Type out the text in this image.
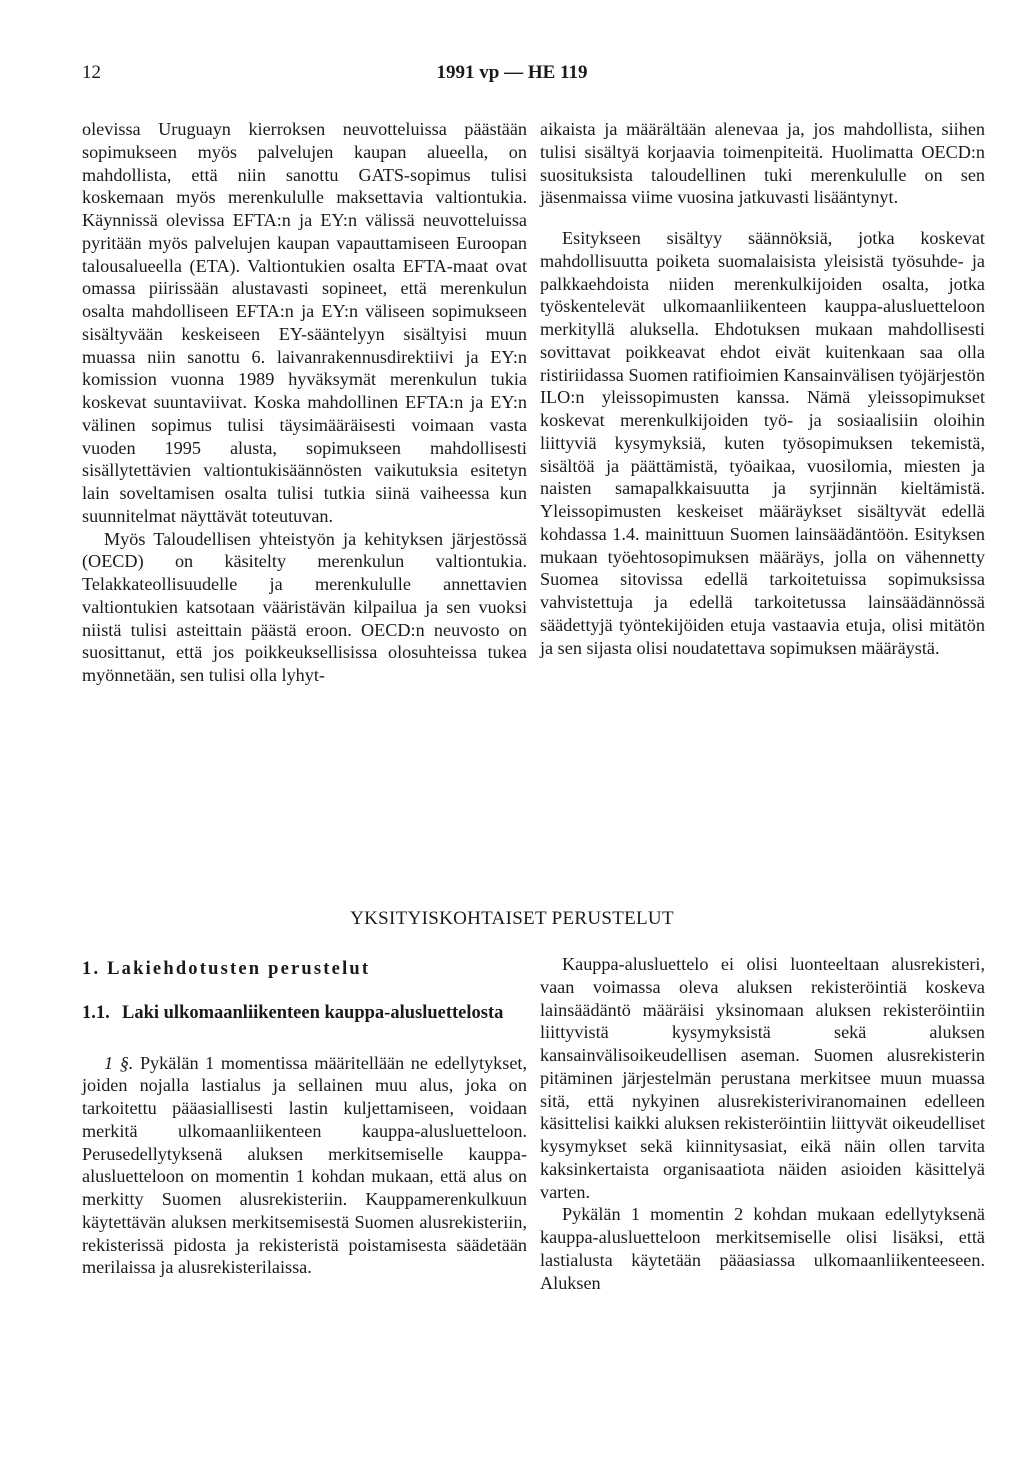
12	1991 vp — HE 119

olevissa Uruguayn kierroksen neuvotteluissa päästään sopimukseen myös palvelujen kaupan alueella, on mahdollista, että niin sanottu GATS-sopimus tulisi koskemaan myös merenkululle maksettavia valtiontukia. Käynnissä olevissa EFTA:n ja EY:n välissä neuvotteluissa pyritään myös palvelujen kaupan vapauttamiseen Euroopan talousalueella (ETA). Valtiontukien osalta EFTA-maat ovat omassa piirissään alustavasti sopineet, että merenkulun osalta mahdolliseen EFTA:n ja EY:n väliseen sopimukseen sisältyvään keskeiseen EY-sääntelyyn sisältyisi muun muassa niin sanottu 6. laivanrakennusdirektiivi ja EY:n komission vuonna 1989 hyväksymät merenkulun tukia koskevat suuntaviivat. Koska mahdollinen EFTA:n ja EY:n välinen sopimus tulisi täysimääräisesti voimaan vasta vuoden 1995 alusta, sopimukseen mahdollisesti sisällytettävien valtiontukisäännösten vaikutuksia esitetyn lain soveltamisen osalta tulisi tutkia siinä vaiheessa kun suunnitelmat näyttävät toteutuvan.

Myös Taloudellisen yhteistyön ja kehityksen järjestössä (OECD) on käsitelty merenkulun valtiontukia. Telakkateollisuudelle ja merenkululle annettavien valtiontukien katsotaan vääristävän kilpailua ja sen vuoksi niistä tulisi asteittain päästä eroon. OECD:n neuvosto on suosittanut, että jos poikkeuksellisissa olosuhteissa tukea myönnetään, sen tulisi olla lyhyt-

aikaista ja määrältään alenevaa ja, jos mahdollista, siihen tulisi sisältyä korjaavia toimenpiteitä. Huolimatta OECD:n suosituksista taloudellinen tuki merenkululle on sen jäsenmaissa viime vuosina jatkuvasti lisääntynyt.

Esitykseen sisältyy säännöksiä, jotka koskevat mahdollisuutta poiketa suomalaisista yleisistä työsuhde- ja palkkaehdoista niiden merenkulkijoiden osalta, jotka työskentelevät ulkomaanliikenteen kauppa-alusluetteloon merkityllä aluksella. Ehdotuksen mukaan mahdollisesti sovittavat poikkeavat ehdot eivät kuitenkaan saa olla ristiriidassa Suomen ratifioimien Kansainvälisen työjärjestön ILO:n yleissopimusten kanssa. Nämä yleissopimukset koskevat merenkulkijoiden työ- ja sosiaalisiin oloihin liittyviä kysymyksiä, kuten työsopimuksen tekemistä, sisältöä ja päättämistä, työaikaa, vuosilomia, miesten ja naisten samapalkkaisuutta ja syrjinnän kieltämistä. Yleissopimusten keskeiset määräykset sisältyvät edellä kohdassa 1.4. mainittuun Suomen lainsäädäntöön. Esityksen mukaan työehtosopimuksen määräys, jolla on vähennetty Suomea sitovissa edellä tarkoitetuissa sopimuksissa vahvistettuja ja edellä tarkoitetussa lainsäädännössä säädettyjä työntekijöiden etuja vastaavia etuja, olisi mitätön ja sen sijasta olisi noudatettava sopimuksen määräystä.

YKSITYISKOHTAISET PERUSTELUT
1. Lakiehdotusten perustelut
1.1. Laki ulkomaanliikenteen kauppa-alusluettelosta

1 §. Pykälän 1 momentissa määritellään ne edellytykset, joiden nojalla lastialus ja sellainen muu alus, joka on tarkoitettu pääasiallisesti lastin kuljettamiseen, voidaan merkitä ulkomaanliikenteen kauppa-alusluetteloon. Perusedellytyksenä aluksen merkitsemiselle kauppa-alusluetteloon on momentin 1 kohdan mukaan, että alus on merkitty Suomen alusrekisteriin. Kauppamerenkulkuun käytettävän aluksen merkitsemisestä Suomen alusrekisteriin, rekisterissä pidosta ja rekisteristä poistamisesta säädetään merilaissa ja alusrekisterilaissa.

Kauppa-alusluettelo ei olisi luonteeltaan alusrekisteri, vaan voimassa oleva aluksen rekisteröintiä koskeva lainsäädäntö määräisi yksinomaan aluksen rekisteröintiin liittyvistä kysymyksistä sekä aluksen kansainvälisoikeudellisen aseman. Suomen alusrekisterin pitäminen järjestelmän perustana merkitsee muun muassa sitä, että nykyinen alusrekisteriviranomainen edelleen käsittelisi kaikki aluksen rekisteröintiin liittyvät oikeudelliset kysymykset sekä kiinnitysasiat, eikä näin ollen tarvita kaksinkertaista organisaatiota näiden asioiden käsittelyä varten.

Pykälän 1 momentin 2 kohdan mukaan edellytyksenä kauppa-alusluetteloon merkitsemiselle olisi lisäksi, että lastialusta käytetään pääasiassa ulkomaanliikenteeseen. Aluksen
